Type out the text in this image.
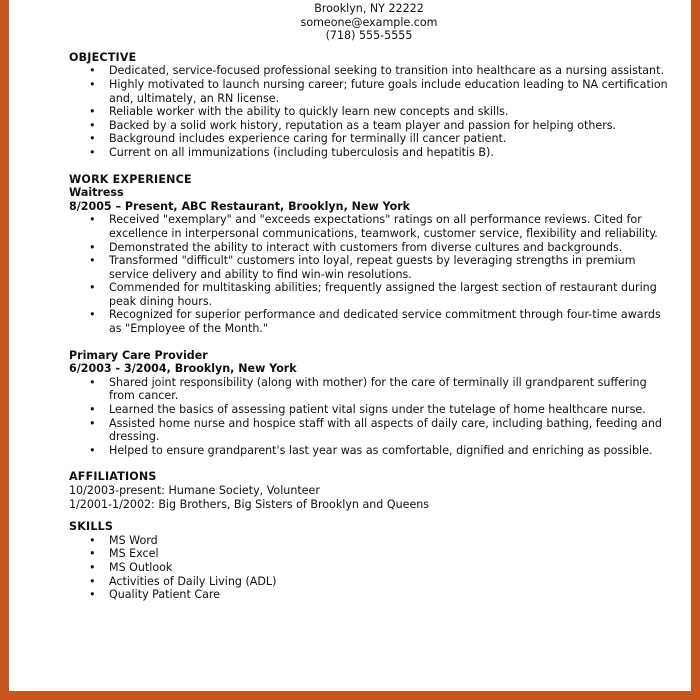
Brooklyn, NY 22222
someone@example.com
(718) 555-5555
OBJECTIVE
• Dedicated, service-focused professional seeking to transition into healthcare as a nursing assistant.
• Highly motivated to launch nursing career; future goals include education leading to NA certification and, ultimately, an RN license.
• Reliable worker with the ability to quickly learn new concepts and skills.
• Backed by a solid work history, reputation as a team player and passion for helping others.
• Background includes experience caring for terminally ill cancer patient.
• Current on all immunizations (including tuberculosis and hepatitis B).
WORK EXPERIENCE
Waitress
8/2005 – Present, ABC Restaurant, Brooklyn, New York
• Received "exemplary" and "exceeds expectations" ratings on all performance reviews. Cited for excellence in interpersonal communications, teamwork, customer service, flexibility and reliability.
• Demonstrated the ability to interact with customers from diverse cultures and backgrounds.
• Transformed "difficult" customers into loyal, repeat guests by leveraging strengths in premium service delivery and ability to find win-win resolutions.
• Commended for multitasking abilities; frequently assigned the largest section of restaurant during peak dining hours.
• Recognized for superior performance and dedicated service commitment through four-time awards as "Employee of the Month."
Primary Care Provider
6/2003 - 3/2004, Brooklyn, New York
• Shared joint responsibility (along with mother) for the care of terminally ill grandparent suffering from cancer.
• Learned the basics of assessing patient vital signs under the tutelage of home healthcare nurse.
• Assisted home nurse and hospice staff with all aspects of daily care, including bathing, feeding and dressing.
• Helped to ensure grandparent's last year was as comfortable, dignified and enriching as possible.
AFFILIATIONS
10/2003-present: Humane Society, Volunteer
1/2001-1/2002: Big Brothers, Big Sisters of Brooklyn and Queens
SKILLS
• MS Word
• MS Excel
• MS Outlook
• Activities of Daily Living (ADL)
• Quality Patient Care
